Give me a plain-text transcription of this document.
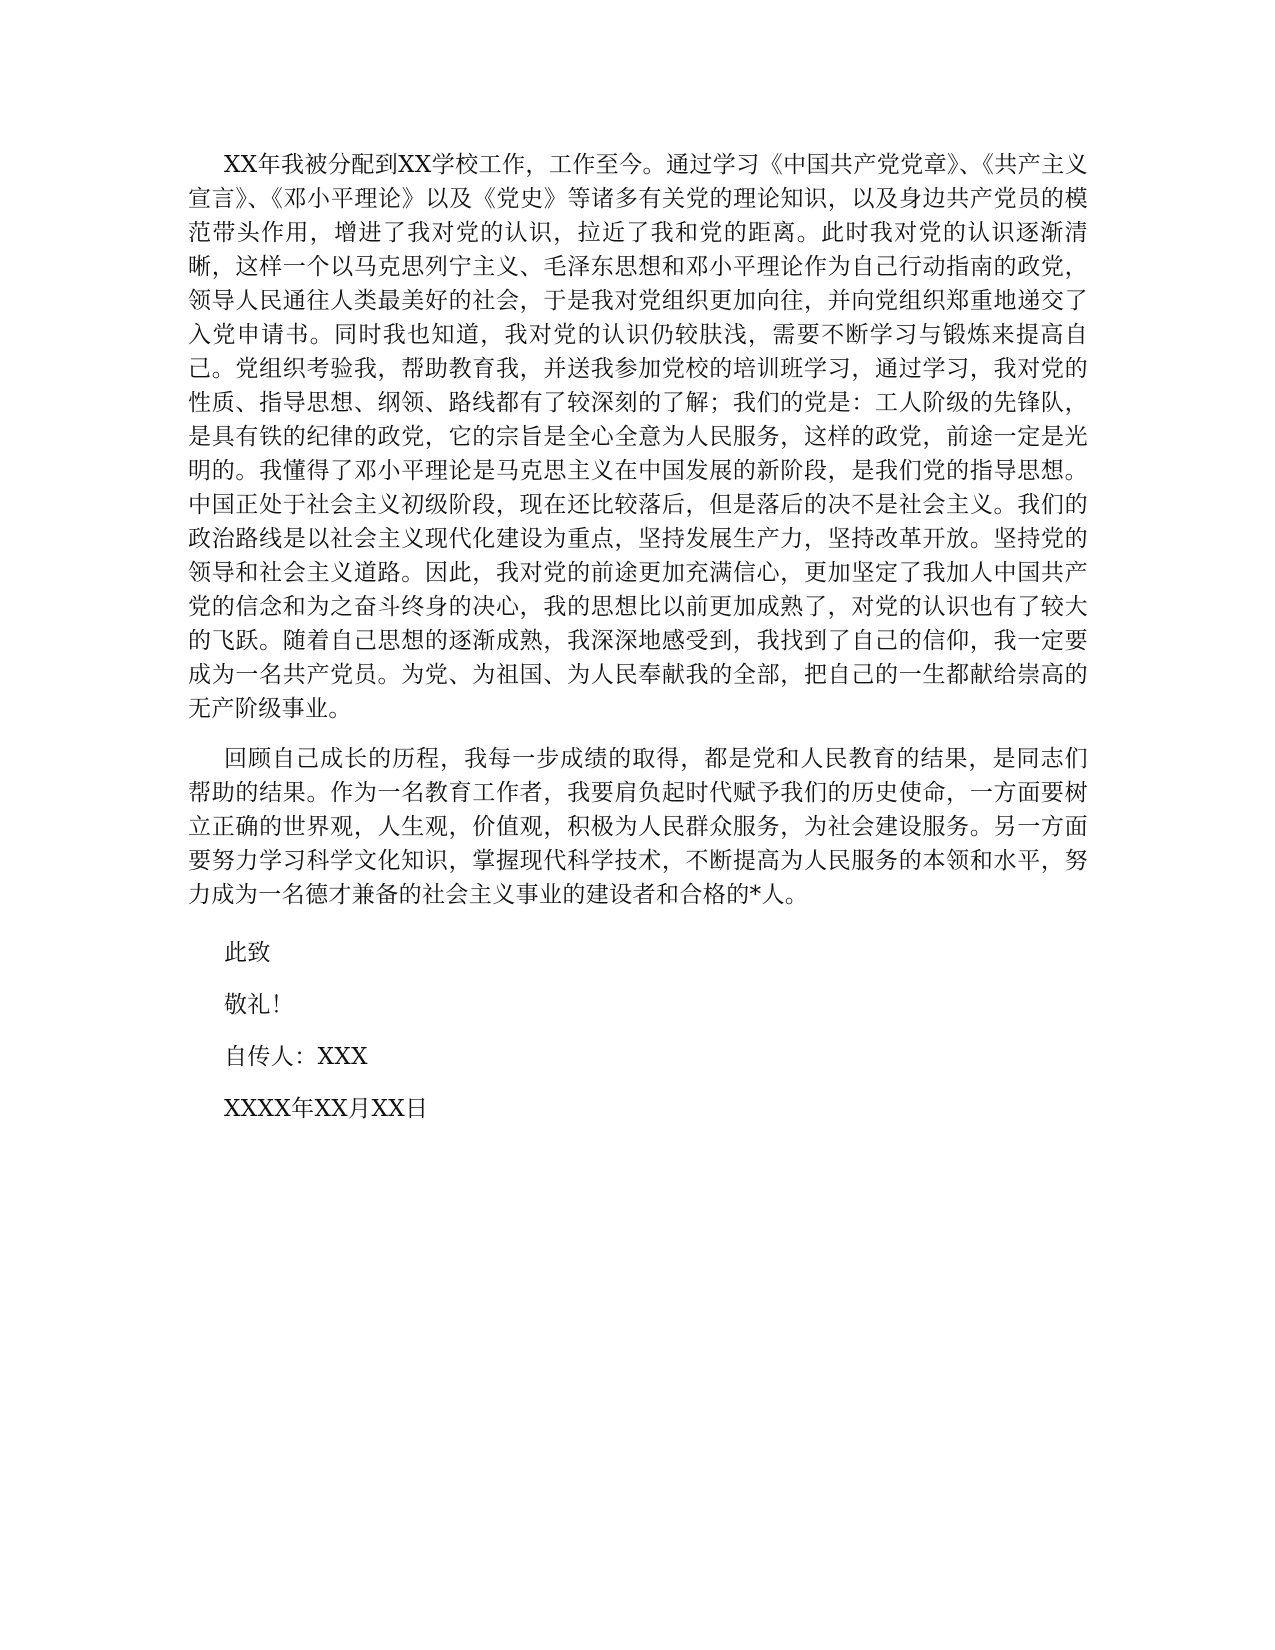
XX年我被分配到XX学校工作，工作至今。通过学习《中国共产党党章》、《共产主义宣言》、《邓小平理论》以及《党史》等诸多有关党的理论知识，以及身边共产党员的模范带头作用，增进了我对党的认识，拉近了我和党的距离。此时我对党的认识逐渐清晰，这样一个以马克思列宁主义、毛泽东思想和邓小平理论作为自己行动指南的政党，领导人民通往人类最美好的社会，于是我对党组织更加向往，并向党组织郑重地递交了入党申请书。同时我也知道，我对党的认识仍较肤浅，需要不断学习与锻炼来提高自己。党组织考验我，帮助教育我，并送我参加党校的培训班学习，通过学习，我对党的性质、指导思想、纲领、路线都有了较深刻的了解；我们的党是：工人阶级的先锋队，是具有铁的纪律的政党，它的宗旨是全心全意为人民服务，这样的政党，前途一定是光明的。我懂得了邓小平理论是马克思主义在中国发展的新阶段，是我们党的指导思想。中国正处于社会主义初级阶段，现在还比较落后，但是落后的决不是社会主义。我们的政治路线是以社会主义现代化建设为重点，坚持发展生产力，坚持改革开放。坚持党的领导和社会主义道路。因此，我对党的前途更加充满信心，更加坚定了我加人中国共产党的信念和为之奋斗终身的决心，我的思想比以前更加成熟了，对党的认识也有了较大的飞跃。随着自己思想的逐渐成熟，我深深地感受到，我找到了自己的信仰，我一定要成为一名共产党员。为党、为祖国、为人民奉献我的全部，把自己的一生都献给崇高的无产阶级事业。

回顾自己成长的历程，我每一步成绩的取得，都是党和人民教育的结果，是同志们帮助的结果。作为一名教育工作者，我要肩负起时代赋予我们的历史使命，一方面要树立正确的世界观，人生观，价值观，积极为人民群众服务，为社会建设服务。另一方面要努力学习科学文化知识，掌握现代科学技术，不断提高为人民服务的本领和水平，努力成为一名德才兼备的社会主义事业的建设者和合格的*人。

此致

敬礼！

自传人：XXX

XXXX年XX月XX日
